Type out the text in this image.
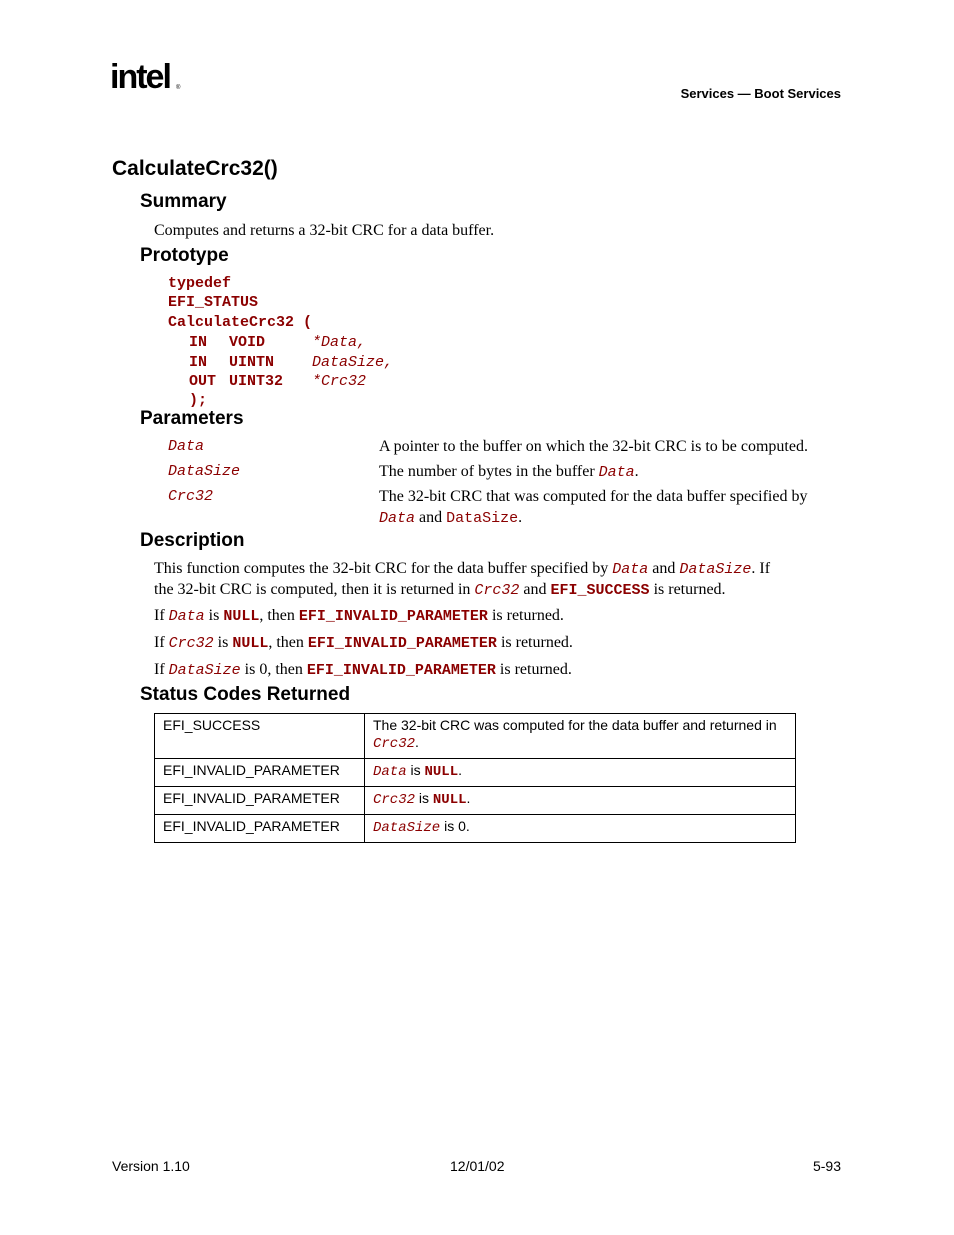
intel ®	Services — Boot Services
CalculateCrc32()
Summary
Computes and returns a 32-bit CRC for a data buffer.
Prototype
typedef
EFI_STATUS
CalculateCrc32 (
IN VOID	*Data,
IN UINTN	DataSize,
OUT UINT32 *Crc32
);
Parameters
Data	A pointer to the buffer on which the 32-bit CRC is to be computed.
DataSize	The number of bytes in the buffer Data.
Crc32	The 32-bit CRC that was computed for the data buffer specified by
Data and DataSize.
Description
This function computes the 32-bit CRC for the data buffer specified by Data and DataSize. If
the 32-bit CRC is computed, then it is returned in Crc32 and EFI_SUCCESS is returned.
If Data is NULL, then EFI_INVALID_PARAMETER is returned.
If Crc32 is NULL, then EFI_INVALID_PARAMETER is returned.
If DataSize is 0, then EFI_INVALID_PARAMETER is returned.
Status Codes Returned
EFI_SUCCESS	The 32-bit CRC was computed for the data buffer and returned in
Crc32.
EFI_INVALID_PARAMETER	Data is NULL.
EFI_INVALID_PARAMETER	Crc32 is NULL.
EFI_INVALID_PARAMETER	DataSize is 0.
Version 1.10	12/01/02	5-93
